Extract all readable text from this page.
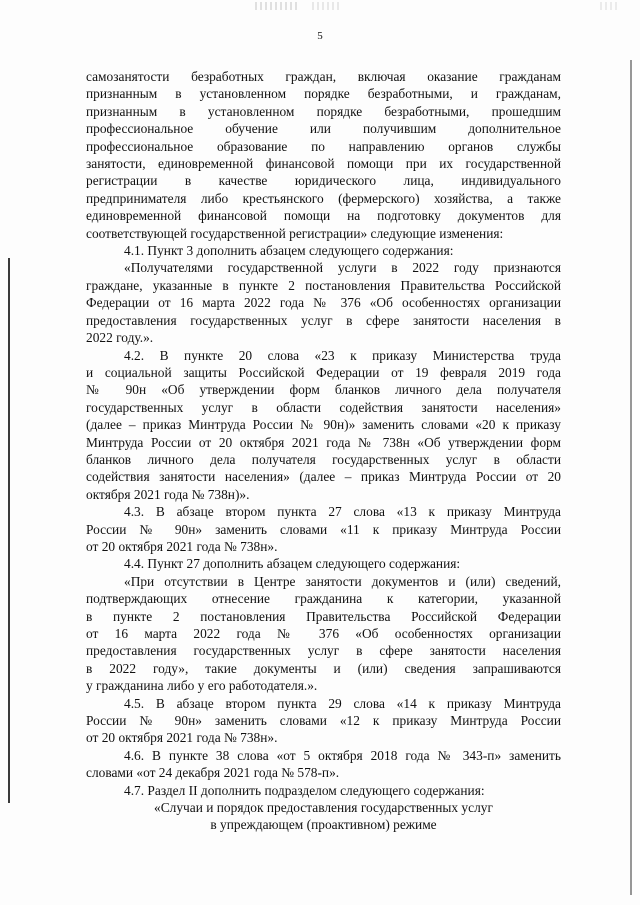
5
самозанятости безработных граждан, включая оказание гражданам
признанным в установленном порядке безработными, и гражданам,
признанным в установленном порядке безработными, прошедшим
профессиональное обучение или получившим дополнительное
профессиональное образование по направлению органов службы
занятости, единовременной финансовой помощи при их государственной
регистрации в качестве юридического лица, индивидуального
предпринимателя либо крестьянского (фермерского) хозяйства, а также
единовременной финансовой помощи на подготовку документов для
соответствующей государственной регистрации» следующие изменения:
4.1. Пункт 3 дополнить абзацем следующего содержания:
«Получателями государственной услуги в 2022 году признаются
граждане, указанные в пункте 2 постановления Правительства Российской
Федерации от 16 марта 2022 года № 376 «Об особенностях организации
предоставления государственных услуг в сфере занятости населения в
2022 году.».
4.2. В пункте 20 слова «23 к приказу Министерства труда
и социальной защиты Российской Федерации от 19 февраля 2019 года
№ 90н «Об утверждении форм бланков личного дела получателя
государственных услуг в области содействия занятости населения»
(далее – приказ Минтруда России № 90н)» заменить словами «20 к приказу
Минтруда России от 20 октября 2021 года № 738н «Об утверждении форм
бланков личного дела получателя государственных услуг в области
содействия занятости населения» (далее – приказ Минтруда России от 20
октября 2021 года № 738н)».
4.3. В абзаце втором пункта 27 слова «13 к приказу Минтруда
России № 90н» заменить словами «11 к приказу Минтруда России
от 20 октября 2021 года № 738н».
4.4. Пункт 27 дополнить абзацем следующего содержания:
«При отсутствии в Центре занятости документов и (или) сведений,
подтверждающих отнесение гражданина к категории, указанной
в пункте 2 постановления Правительства Российской Федерации
от 16 марта 2022 года № 376 «Об особенностях организации
предоставления государственных услуг в сфере занятости населения
в 2022 году», такие документы и (или) сведения запрашиваются
у гражданина либо у его работодателя.».
4.5. В абзаце втором пункта 29 слова «14 к приказу Минтруда
России № 90н» заменить словами «12 к приказу Минтруда России
от 20 октября 2021 года № 738н».
4.6. В пункте 38 слова «от 5 октября 2018 года № 343-п» заменить
словами «от 24 декабря 2021 года № 578-п».
4.7. Раздел II дополнить подразделом следующего содержания:
«Случаи и порядок предоставления государственных услуг
в упреждающем (проактивном) режиме
